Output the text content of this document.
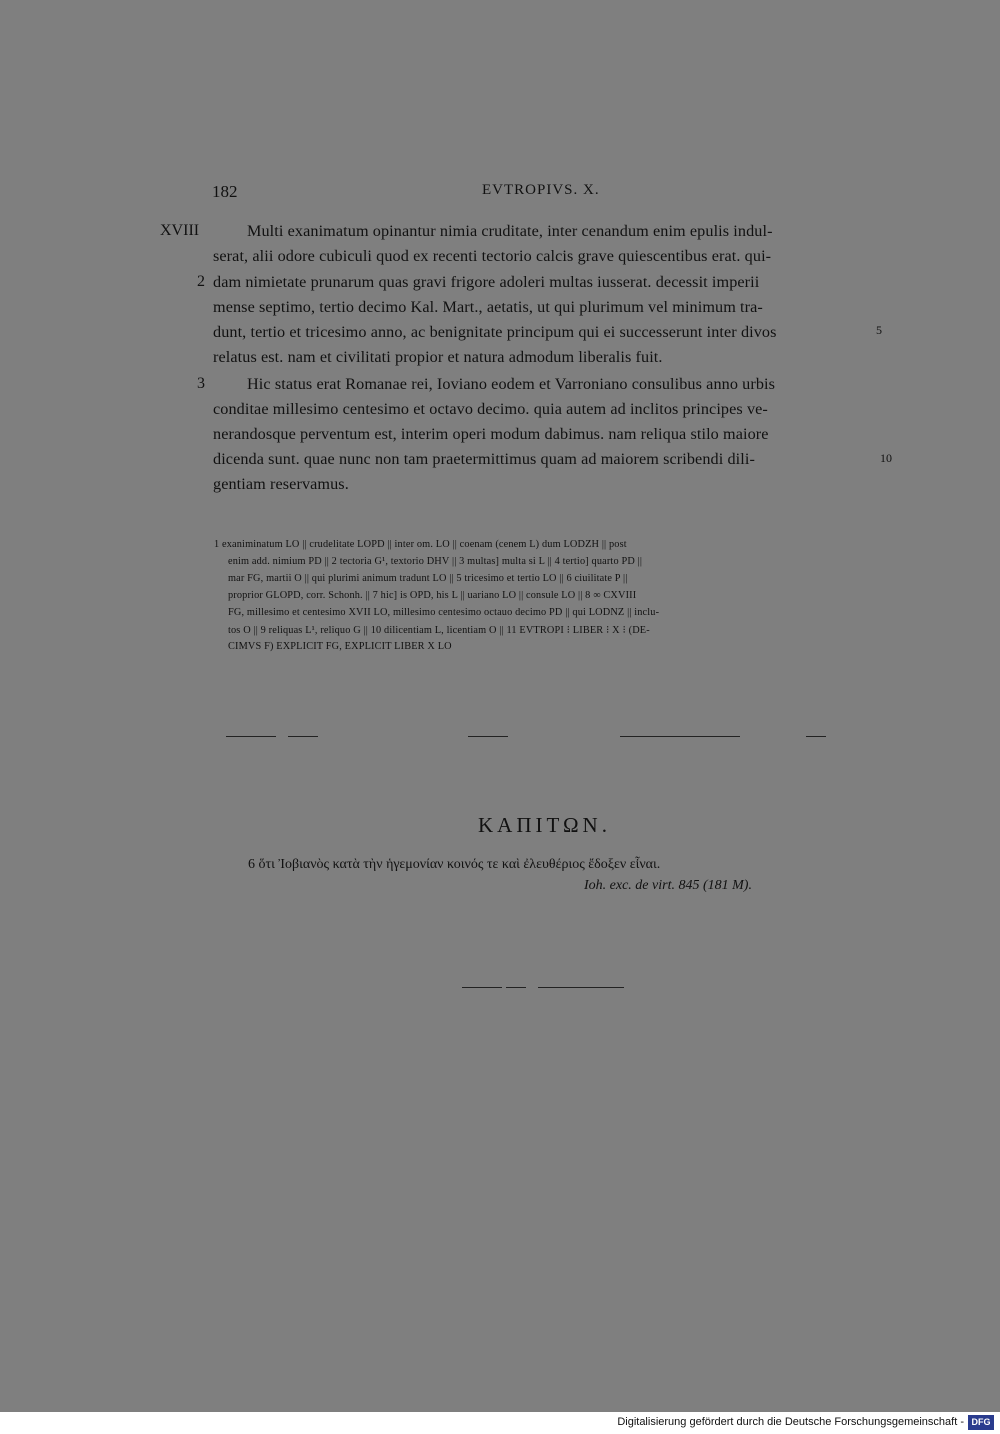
182	EVTROPIVS. X.
XVIII
2
3
5
10
Multi exanimatum opinantur nimia cruditate, inter cenandum enim epulis indul-
serat, alii odore cubiculi quod ex recenti tectorio calcis grave quiescentibus erat. qui-
dam nimietate prunarum quas gravi frigore adoleri multas iusserat. decessit imperii
mense septimo, tertio decimo Kal. Mart., aetatis, ut qui plurimum vel minimum tra-
dunt, tertio et tricesimo anno, ac benignitate principum qui ei successerunt inter divos
relatus est. nam et civilitati propior et natura admodum liberalis fuit.
Hic status erat Romanae rei, Ioviano eodem et Varroniano consulibus anno urbis
conditae millesimo centesimo et octavo decimo. quia autem ad inclitos principes ve-
nerandosque perventum est, interim operi modum dabimus. nam reliqua stilo maiore
dicenda sunt. quae nunc non tam praetermittimus quam ad maiorem scribendi dili-
gentiam reservamus.
1 exaniminatum LO || crudelitate LOPD || inter om. LO || coenam (cenem L) dum LODZH || post
enim add. nimium PD || 2 tectoria G¹, textorio DHV || 3 multas] multa si L || 4 tertio] quarto PD ||
mar FG, martii O || qui plurimi animum tradunt LO || 5 tricesimo et tertio LO || 6 ciuilitate P ||
proprior GLOPD, corr. Schonh. || 7 hic] is OPD, his L || uariano LO || consule LO || 8 ∞ CXVIII
FG, millesimo et centesimo XVII LO, millesimo centesimo octauo decimo PD || qui LODNZ || inclu-
tos O || 9 reliquas L¹, reliquo G || 10 dilicentiam L, licentiam O || 11 EVTROPI ⁝ LIBER ⁝ X ⁝ (DE-
CIMVS F) EXPLICIT FG, EXPLICIT LIBER X LO
ΚΑΠΙΤΩΝ.
6 ὅτι Ἰοβιανὸς κατὰ τὴν ἡγεμονίαν κοινός τε καὶ ἐλευθέριος ἔδοξεν εἶναι.
Ioh. exc. de virt. 845 (181 M).
Digitalisierung gefördert durch die Deutsche Forschungsgemeinschaft - DFG
